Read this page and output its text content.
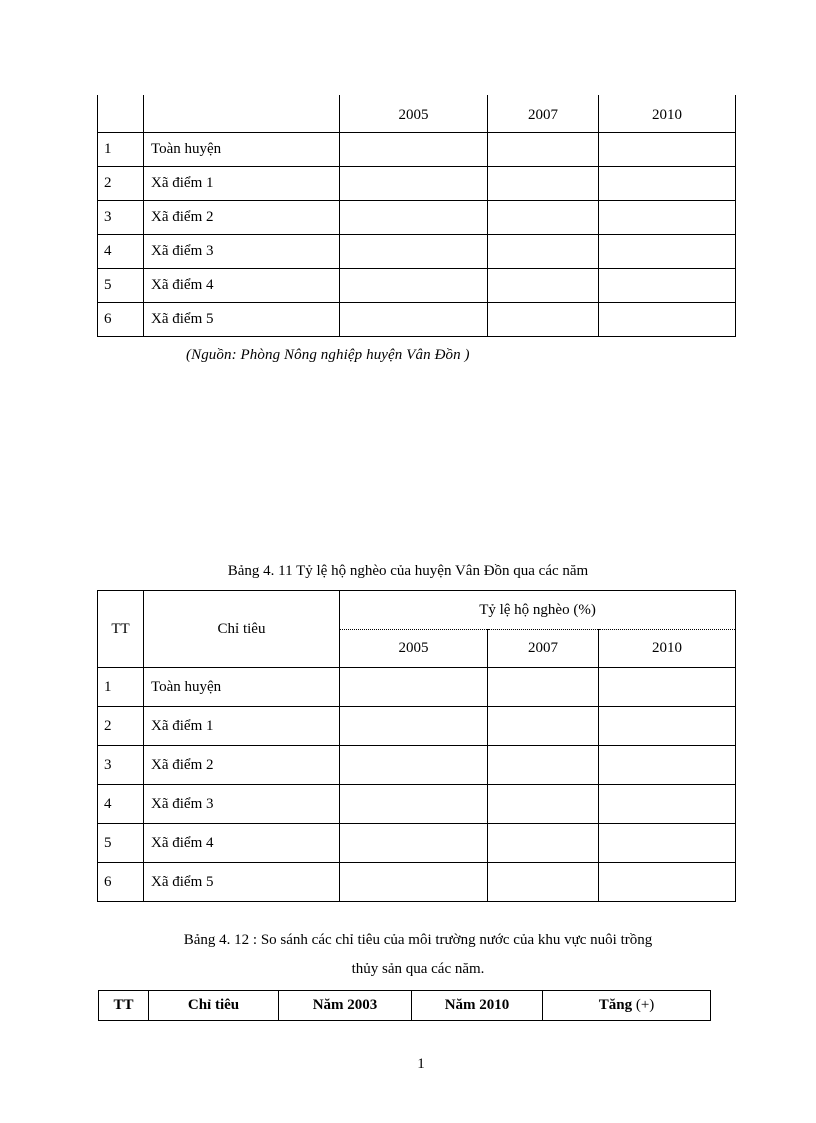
		2005	2007	2010
1	Toàn huyện			
2	Xã điểm 1			
3	Xã điểm 2			
4	Xã điểm 3			
5	Xã điểm 4			
6	Xã điểm 5			
(Nguồn: Phòng Nông nghiệp huyện Vân Đồn )
Bảng 4. 11 Tỷ lệ hộ nghèo của huyện Vân Đồn qua các năm
TT	Chỉ tiêu	Tỷ lệ hộ nghèo (%)		
		2005	2007	2010
1	Toàn huyện			
2	Xã điểm 1			
3	Xã điểm 2			
4	Xã điểm 3			
5	Xã điểm 4			
6	Xã điểm 5			
Bảng 4. 12 : So sánh các chỉ tiêu của môi trường nước của khu vực nuôi trồng
thủy sản qua các năm.
TT	Chỉ tiêu	Năm 2003	Năm 2010	Tăng (+)
1
